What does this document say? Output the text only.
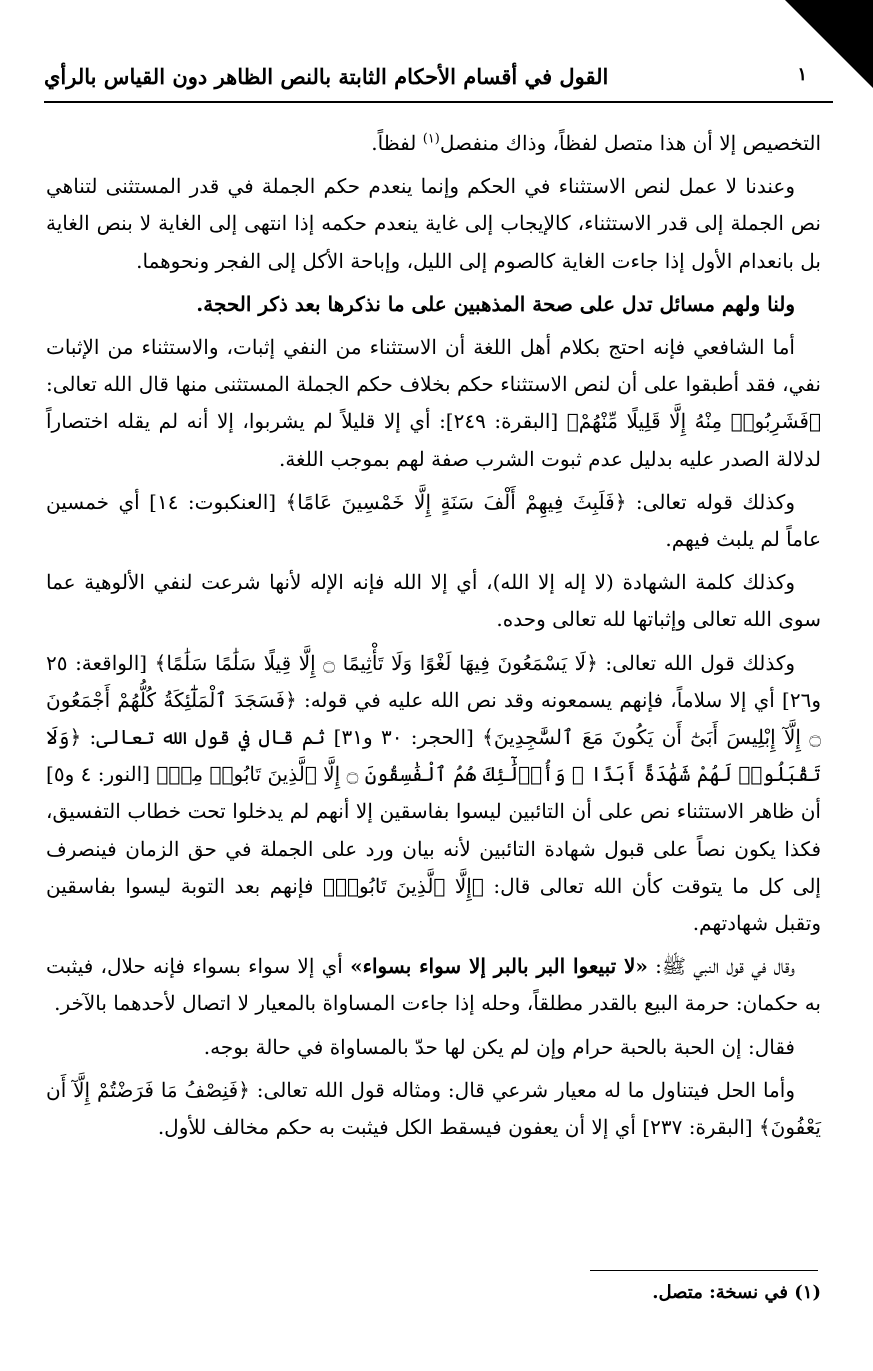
١
القول في أقسام الأحكام الثابتة بالنص الظاهر دون القياس بالرأي

التخصيص إلا أن هذا متصل لفظاً، وذاك منفصل$^{(١)}$ لفظاً.

وعندنا لا عمل لنص الاستثناء في الحكم وإنما ينعدم حكم الجملة في قدر المستثنى لتناهي نص الجملة إلى قدر الاستثناء، كالإيجاب إلى غاية ينعدم حكمه إذا انتهى إلى الغاية لا بنص الغاية بل بانعدام الأول إذا جاءت الغاية كالصوم إلى الليل، وإباحة الأكل إلى الفجر ونحوهما.

ولنا ولهم مسائل تدل على صحة المذهبين على ما نذكرها بعد ذكر الحجة.

أما الشافعي فإنه احتج بكلام أهل اللغة أن الاستثناء من النفي إثبات، والاستثناء من الإثبات نفي، فقد أطبقوا على أن لنص الاستثناء حكم بخلاف حكم الجملة المستثنى منها قال الله تعالى: ﴿فَشَرِبُوا۟ مِنْهُ إِلَّا قَلِيلًا مِّنْهُمْ﴾ [البقرة: ٢٤٩]: أي إلا قليلاً لم يشربوا، إلا أنه لم يقله اختصاراً لدلالة الصدر عليه بدليل عدم ثبوت الشرب صفة لهم بموجب اللغة.

وكذلك قوله تعالى: ﴿فَلَبِثَ فِيهِمْ أَلْفَ سَنَةٍ إِلَّا خَمْسِينَ عَامًا﴾ [العنكبوت: ١٤] أي خمسين عاماً لم يلبث فيهم.

وكذلك كلمة الشهادة (لا إله إلا الله)، أي إلا الله فإنه الإله لأنها شرعت لنفي الألوهية عما سوى الله تعالى وإثباتها لله تعالى وحده.

وكذلك قول الله تعالى: ﴿لَا يَسْمَعُونَ فِيهَا لَغْوًا وَلَا تَأْثِيمًا ۝ إِلَّا قِيلًا سَلَٰمًا سَلَٰمًا﴾ [الواقعة: ٢٥ و٢٦] أي إلا سلاماً، فإنهم يسمعونه وقد نص الله عليه في قوله: ﴿فَسَجَدَ ٱلْمَلَٰٓئِكَةُ كُلُّهُمْ أَجْمَعُونَ ۝ إِلَّآ إِبْلِيسَ أَبَىٰٓ أَن يَكُونَ مَعَ ٱلسَّٰجِدِينَ﴾ [الحجر: ٣٠ و٣١] ثم قال في قول الله تعالى: ﴿وَلَا تَقْبَلُوا۟ لَهُمْ شَهَٰدَةً أَبَدًا ۚ وَأُو۟لَٰٓئِكَ هُمُ ٱلْفَٰسِقُونَ ۝ إِلَّا ٱلَّذِينَ تَابُوا۟ مِنۢ﴾ [النور: ٤ و٥] أن ظاهر الاستثناء نص على أن التائبين ليسوا بفاسقين إلا أنهم لم يدخلوا تحت خطاب التفسيق، فكذا يكون نصاً على قبول شهادة التائبين لأنه بيان ورد على الجملة في حق الزمان فينصرف إلى كل ما يتوقت كأن الله تعالى قال: ﴿إِلَّا ٱلَّذِينَ تَابُوا۟﴾ فإنهم بعد التوبة ليسوا بفاسقين وتقبل شهادتهم.

وقال في قول النبي ﷺ: «لا تبيعوا البر بالبر إلا سواء بسواء» أي إلا سواء بسواء فإنه حلال، فيثبت به حكمان: حرمة البيع بالقدر مطلقاً، وحله إذا جاءت المساواة بالمعيار لا اتصال لأحدهما بالآخر.

فقال: إن الحبة بالحبة حرام وإن لم يكن لها حدّ بالمساواة في حالة بوجه.

وأما الحل فيتناول ما له معيار شرعي قال: ومثاله قول الله تعالى: ﴿فَنِصْفُ مَا فَرَضْتُمْ إِلَّآ أَن يَعْفُونَ﴾ [البقرة: ٢٣٧] أي إلا أن يعفون فيسقط الكل فيثبت به حكم مخالف للأول.

(١) في نسخة: متصل.
